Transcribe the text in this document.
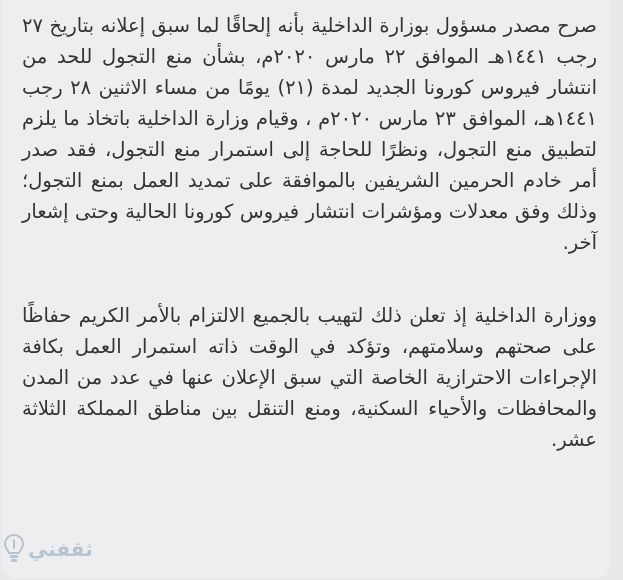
صرح مصدر مسؤول بوزارة الداخلية بأنه إلحاقًا لما سبق إعلانه بتاريخ ٢٧ رجب ١٤٤١هـ الموافق ٢٢ مارس ٢٠٢٠م، بشأن منع التجول للحد من انتشار فيروس كورونا الجديد لمدة (٢١) يومًا من مساء الاثنين ٢٨ رجب ١٤٤١هـ، الموافق ٢٣ مارس ٢٠٢٠م ، وقيام وزارة الداخلية باتخاذ ما يلزم لتطبيق منع التجول، ونظرًا للحاجة إلى استمرار منع التجول، فقد صدر أمر خادم الحرمين الشريفين بالموافقة على تمديد العمل بمنع التجول؛ وذلك وفق معدلات ومؤشرات انتشار فيروس كورونا الحالية وحتى إشعار آخر.

ووزارة الداخلية إذ تعلن ذلك لتهيب بالجميع الالتزام بالأمر الكريم حفاظًا على صحتهم وسلامتهم، وتؤكد في الوقت ذاته استمرار العمل بكافة الإجراءات الاحترازية الخاصة التي سبق الإعلان عنها في عدد من المدن والمحافظات والأحياء السكنية، ومنع التنقل بين مناطق المملكة الثلاثة عشر.

ثقفني
